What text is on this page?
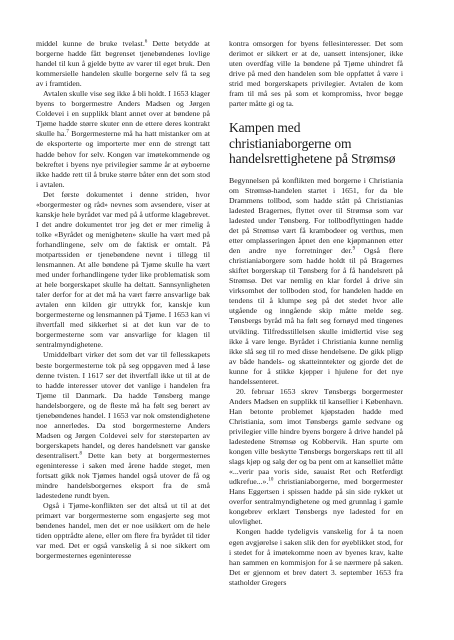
middel kunne de bruke tvelast.$^6$ Dette betydde at borgerne hadde fått begrenset tjenebøndenes lovlige handel til kun å gjelde bytte av varer til eget bruk. Den kommersielle handelen skulle borgerne selv få ta seg av i framtiden.

Avtalen skulle vise seg ikke å bli holdt. I 1653 klager byens to borgermestre Anders Madsen og Jørgen Coldevei i en supplikk blant annet over at bøndene på Tjøme hadde større skuter enn de ettere deres kontrakt skulle ha.$^7$ Borgermesterne må ha hatt mistanker om at de eksporterte og importerte mer enn de strengt tatt hadde behov for selv. Kongen var imøtekommende og bekreftet i byens nye privilegier samme år at øyboerne ikke hadde rett til å bruke større båter enn det som stod i avtalen.

Det første dokumentet i denne striden, hvor «borgermester og råd» nevnes som avsendere, viser at kanskje hele byrådet var med på å utforme klagebrevet. I det andre dokumentet tror jeg det er mer rimelig å tolke «Byrådet og menigheten» skulle ha vært med på forhandlingene, selv om de faktisk er omtalt. På motpartssiden er tjenebøndene nevnt i tillegg til lensmannen. At alle bøndene på Tjøme skulle ha vært med under forhandlingene tyder like problematisk som at hele borgerskapet skulle ha deltatt. Sannsynligheten taler derfor for at det må ha vært færre ansvarlige bak avtalen enn kilden gir uttrykk for, kanskje kun borgermesterne og lensmannen på Tjøme. I 1653 kan vi ihvertfall med sikkerhet si at det kun var de to borgermesterne som var ansvarlige for klagen til sentralmyndighetene.

Umiddelbart virker det som det var til fellesskapets beste borgermesterne tok på seg oppgaven med å løse denne tvisten. I 1617 ser det ihvertfall ikke ut til at de to hadde interesser utover det vanlige i handelen fra Tjøme til Danmark. Da hadde Tønsberg mange handelsborgere, og de fleste må ha følt seg berørt av tjenebøndenes handel. I 1653 var nok omstendighetene noe annerledes. Da stod borgermesterne Anders Madsen og Jørgen Coldevei selv for størsteparten av borgerskapets handel, og deres handelsnett var ganske desentralisert.$^8$ Dette kan bety at borgermesternes egeninteresse i saken med årene hadde steget, men fortsatt gikk nok Tjømes handel også utover de få og mindre handelsborgernes eksport fra de små ladestedene rundt byen.

Også i Tjøme-konflikten ser det altså ut til at det primært var borgermesterne som engasjerte seg mot bøndenes handel, men det er noe usikkert om de hele tiden opptrådte alene, eller om flere fra byrådet til tider var med. Det er også vanskelig å si noe sikkert om borgermesternes egeninteresse

kontra omsorgen for byens fellesinteresser. Det som derimot er sikkert er at de, uansett intensjoner, ikke uten overdfag ville la bøndene på Tjøme uhindret få drive på med den handelen som ble oppfattet å være i strid med borgerskapets privilegier. Avtalen de kom fram til må ses på som et kompromiss, hvor begge parter måtte gi og ta.

Kampen med christianiaborgerne om handelsrettighetene på Strømsø

Begynnelsen på konflikten med borgerne i Christiania om Strømsø-handelen startet i 1651, for da ble Drammens tollbod, som hadde stått på Christianias ladested Bragernes, flyttet over til Strømsø som var ladested under Tønsberg. For tollbodflyttingen hadde det på Strømsø vært få krambodeer og verthus, men etter omplasseringen åpnet den ene kjøpmannen etter den andre nye forretninger der.$^9$ Også flere christianiaborgere som hadde holdt til på Bragernes skiftet borgerskap til Tønsberg for å få handelsrett på Strømsø. Det var nemlig en klar fordel å drive sin virksomhet der tollboden stod, for handelen hadde en tendens til å klumpe seg på det stedet hvor alle utgående og inngående skip måtte melde seg. Tønsbergs byråd må ha følt seg fornøyd med tingenes utvikling. Tilfredsstillelsen skulle imidlertid vise seg ikke å vare lenge. Byrådet i Christiania kunne nemlig ikke slå seg til ro med disse hendelsene. De gikk pligp av både handels- og skatteinntekter og gjorde det de kunne for å stikke kjepper i hjulene for det nye handelssenteret.

20. februar 1653 skrev Tønsbergs borgermester Anders Madsen en supplikk til kansellier i København. Han betonte problemet kjøpstaden hadde med Christiania, som imot Tønsbergs gamle sedvane og privilegier ville hindre byens borgere å drive handel på ladestedene Strømsø og Kobbervik. Han spurte om kongen ville beskytte Tønsbergs borgerskaps rett til all slags kjøp og salg der og ba pent om at kanselliet måtte «...verir paa voris side, sauaist Ret och Retferdigt udkrefue...».$^{10}$ christianiaborgerne, med borgermester Hans Eggertsen i spissen hadde på sin side rykket ut overfor sentralmyndighetene og med grunnlag i gamle kongebrev erklært Tønsbergs nye ladested for en ulovlighet.

Kongen hadde tydeligvis vanskelig for å ta noen egen avgjørelse i saken slik den for øyeblikket stod, for i stedet for å imøtekomme noen av byenes krav, kalte han sammen en kommisjon for å se nærmere på saken. Det er gjennom et brev datert 3. september 1653 fra statholder Gregers
